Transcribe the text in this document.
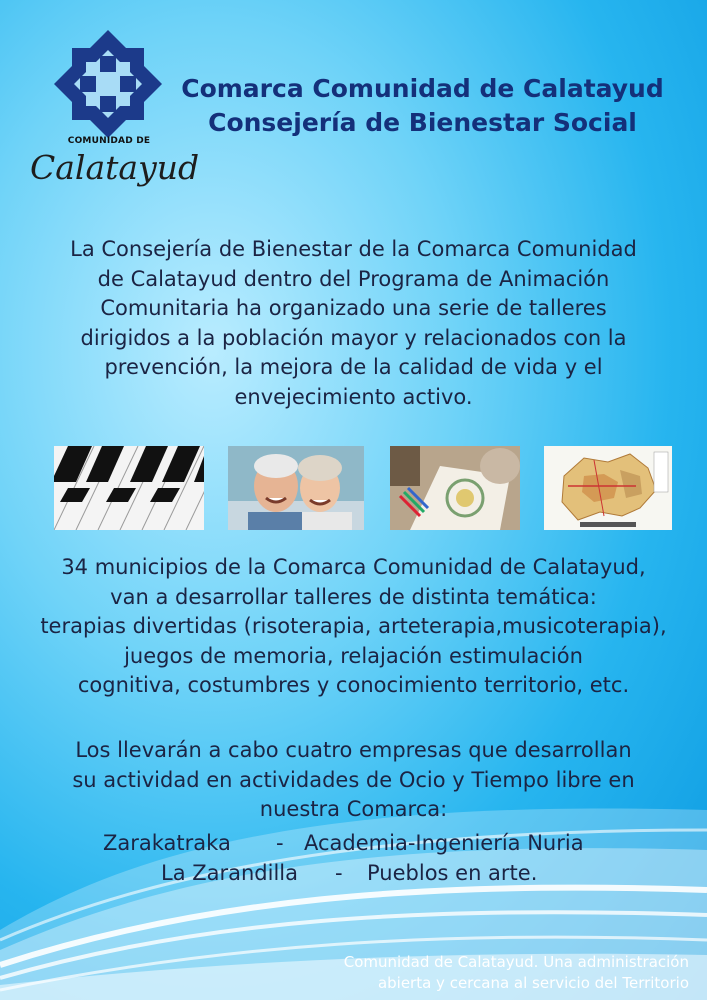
COMUNIDAD DE
Calatayud
Comarca Comunidad de Calatayud
Consejería de Bienestar Social
La Consejería de Bienestar de la Comarca Comunidad
de Calatayud dentro del Programa de Animación
Comunitaria ha organizado una serie de talleres
dirigidos a la población mayor y relacionados con la
prevención, la mejora de la calidad de vida y el
envejecimiento activo.
34 municipios de la Comarca Comunidad de Calatayud,
van a desarrollar talleres de distinta temática:
terapias divertidas (risoterapia, arteterapia,musicoterapia),
juegos de memoria, relajación estimulación
cognitiva, costumbres y conocimiento territorio, etc.
Los llevarán a cabo cuatro empresas que desarrollan
su actividad en actividades de Ocio y Tiempo libre en
nuestra Comarca:
Zarakatraka - Academia-Ingeniería Nuria
La Zarandilla - Pueblos en arte.
Comunidad de Calatayud. Una administración
abierta y cercana al servicio del Territorio
